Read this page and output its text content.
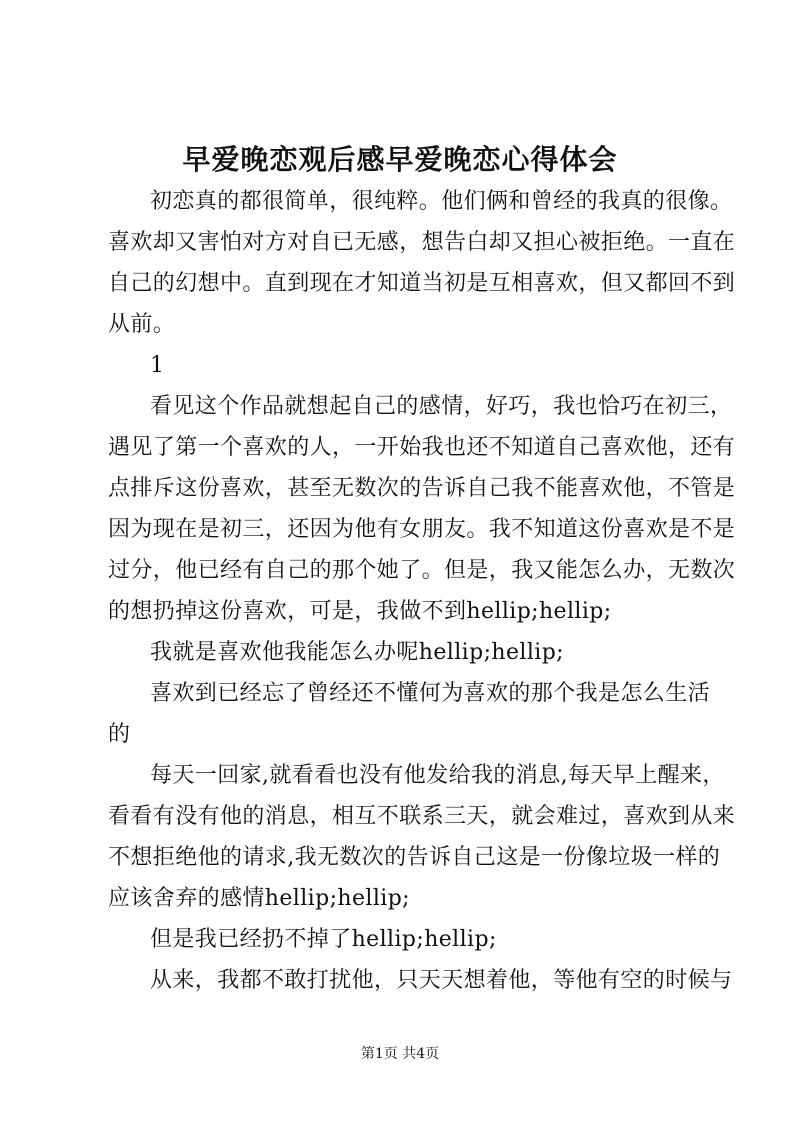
早爱晚恋观后感早爱晚恋心得体会
初恋真的都很简单，很纯粹。他们俩和曾经的我真的很像。
喜欢却又害怕对方对自已无感，想告白却又担心被拒绝。一直在
自己的幻想中。直到现在才知道当初是互相喜欢，但又都回不到
从前。
1
看见这个作品就想起自己的感情，好巧，我也恰巧在初三，
遇见了第一个喜欢的人，一开始我也还不知道自己喜欢他，还有
点排斥这份喜欢，甚至无数次的告诉自己我不能喜欢他，不管是
因为现在是初三，还因为他有女朋友。我不知道这份喜欢是不是
过分，他已经有自己的那个她了。但是，我又能怎么办，无数次
的想扔掉这份喜欢，可是，我做不到hellip;hellip;
我就是喜欢他我能怎么办呢hellip;hellip;
喜欢到已经忘了曾经还不懂何为喜欢的那个我是怎么生活
的
每天一回家,就看看也没有他发给我的消息,每天早上醒来，
看看有没有他的消息，相互不联系三天，就会难过，喜欢到从来
不想拒绝他的请求,我无数次的告诉自己这是一份像垃圾一样的
应该舍弃的感情hellip;hellip;
但是我已经扔不掉了hellip;hellip;
从来，我都不敢打扰他，只天天想着他，等他有空的时候与
第1页 共4页
